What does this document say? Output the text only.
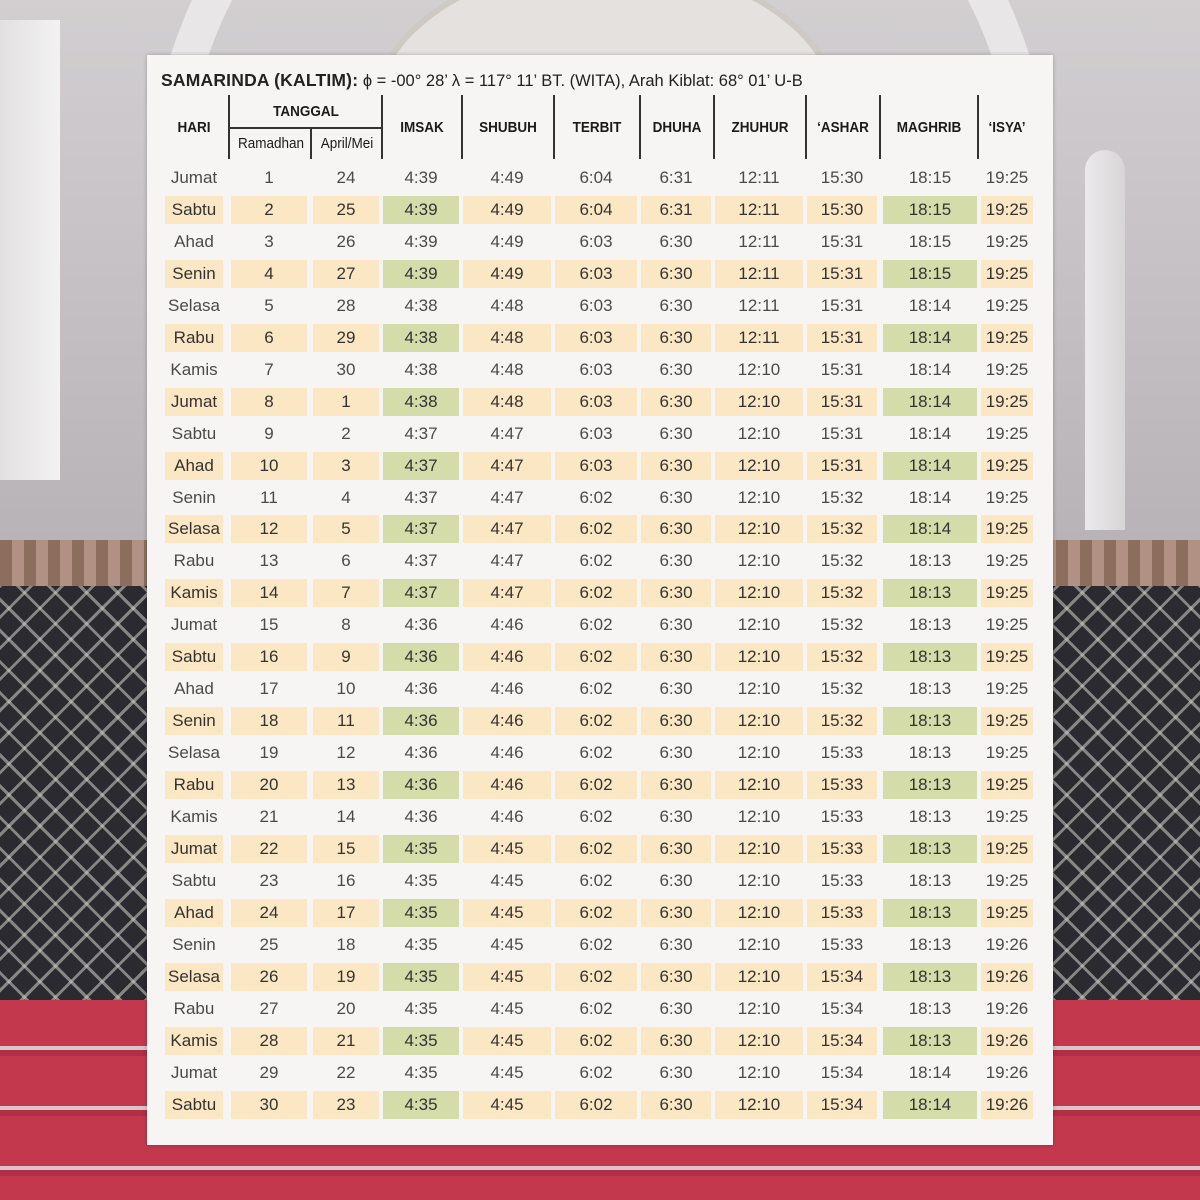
SAMARINDA (KALTIM): ϕ = -00° 28’ λ = 117° 11’ BT. (WITA), Arah Kiblat: 68° 01’ U-B
HARI
TANGGAL
Ramadhan	April/Mei
IMSAK	SHUBUH	TERBIT	DHUHA	ZHUHUR	‘ASHAR	MAGHRIB	‘ISYA’
Jumat	1	24	4:39	4:49	6:04	6:31	12:11	15:30	18:15	19:25
Sabtu	2	25	4:39	4:49	6:04	6:31	12:11	15:30	18:15	19:25
Ahad	3	26	4:39	4:49	6:03	6:30	12:11	15:31	18:15	19:25
Senin	4	27	4:39	4:49	6:03	6:30	12:11	15:31	18:15	19:25
Selasa	5	28	4:38	4:48	6:03	6:30	12:11	15:31	18:14	19:25
Rabu	6	29	4:38	4:48	6:03	6:30	12:11	15:31	18:14	19:25
Kamis	7	30	4:38	4:48	6:03	6:30	12:10	15:31	18:14	19:25
Jumat	8	1	4:38	4:48	6:03	6:30	12:10	15:31	18:14	19:25
Sabtu	9	2	4:37	4:47	6:03	6:30	12:10	15:31	18:14	19:25
Ahad	10	3	4:37	4:47	6:03	6:30	12:10	15:31	18:14	19:25
Senin	11	4	4:37	4:47	6:02	6:30	12:10	15:32	18:14	19:25
Selasa	12	5	4:37	4:47	6:02	6:30	12:10	15:32	18:14	19:25
Rabu	13	6	4:37	4:47	6:02	6:30	12:10	15:32	18:13	19:25
Kamis	14	7	4:37	4:47	6:02	6:30	12:10	15:32	18:13	19:25
Jumat	15	8	4:36	4:46	6:02	6:30	12:10	15:32	18:13	19:25
Sabtu	16	9	4:36	4:46	6:02	6:30	12:10	15:32	18:13	19:25
Ahad	17	10	4:36	4:46	6:02	6:30	12:10	15:32	18:13	19:25
Senin	18	11	4:36	4:46	6:02	6:30	12:10	15:32	18:13	19:25
Selasa	19	12	4:36	4:46	6:02	6:30	12:10	15:33	18:13	19:25
Rabu	20	13	4:36	4:46	6:02	6:30	12:10	15:33	18:13	19:25
Kamis	21	14	4:36	4:46	6:02	6:30	12:10	15:33	18:13	19:25
Jumat	22	15	4:35	4:45	6:02	6:30	12:10	15:33	18:13	19:25
Sabtu	23	16	4:35	4:45	6:02	6:30	12:10	15:33	18:13	19:25
Ahad	24	17	4:35	4:45	6:02	6:30	12:10	15:33	18:13	19:25
Senin	25	18	4:35	4:45	6:02	6:30	12:10	15:33	18:13	19:26
Selasa	26	19	4:35	4:45	6:02	6:30	12:10	15:34	18:13	19:26
Rabu	27	20	4:35	4:45	6:02	6:30	12:10	15:34	18:13	19:26
Kamis	28	21	4:35	4:45	6:02	6:30	12:10	15:34	18:13	19:26
Jumat	29	22	4:35	4:45	6:02	6:30	12:10	15:34	18:14	19:26
Sabtu	30	23	4:35	4:45	6:02	6:30	12:10	15:34	18:14	19:26
